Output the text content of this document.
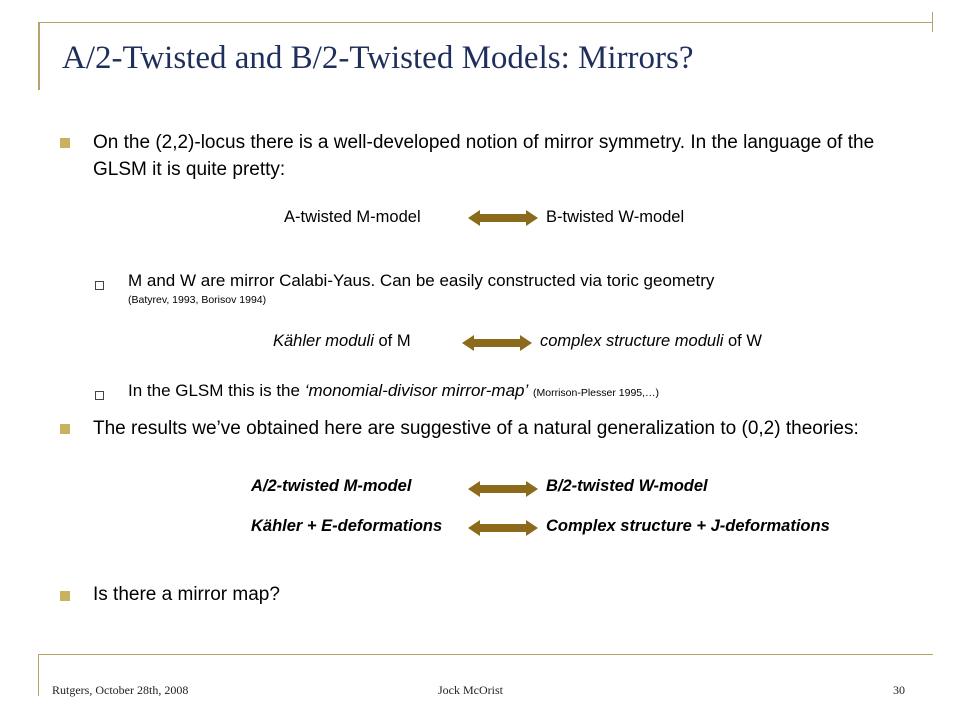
A/2-Twisted and B/2-Twisted Models: Mirrors?
On the (2,2)-locus there is a well-developed notion of mirror symmetry. In the language of the GLSM it is quite pretty:
A-twisted M-model	B-twisted W-model
M and W are mirror Calabi-Yaus. Can be easily constructed via toric geometry
(Batyrev, 1993, Borisov 1994)
Kähler moduli of M	complex structure moduli of W
In the GLSM this is the ‘monomial-divisor mirror-map’ (Morrison-Plesser 1995,…)
The results we’ve obtained here are suggestive of a natural generalization to (0,2) theories:
A/2-twisted M-model	B/2-twisted W-model
Kähler + E-deformations	Complex structure + J-deformations
Is there a mirror map?
Rutgers, October 28th, 2008	Jock McOrist	30
